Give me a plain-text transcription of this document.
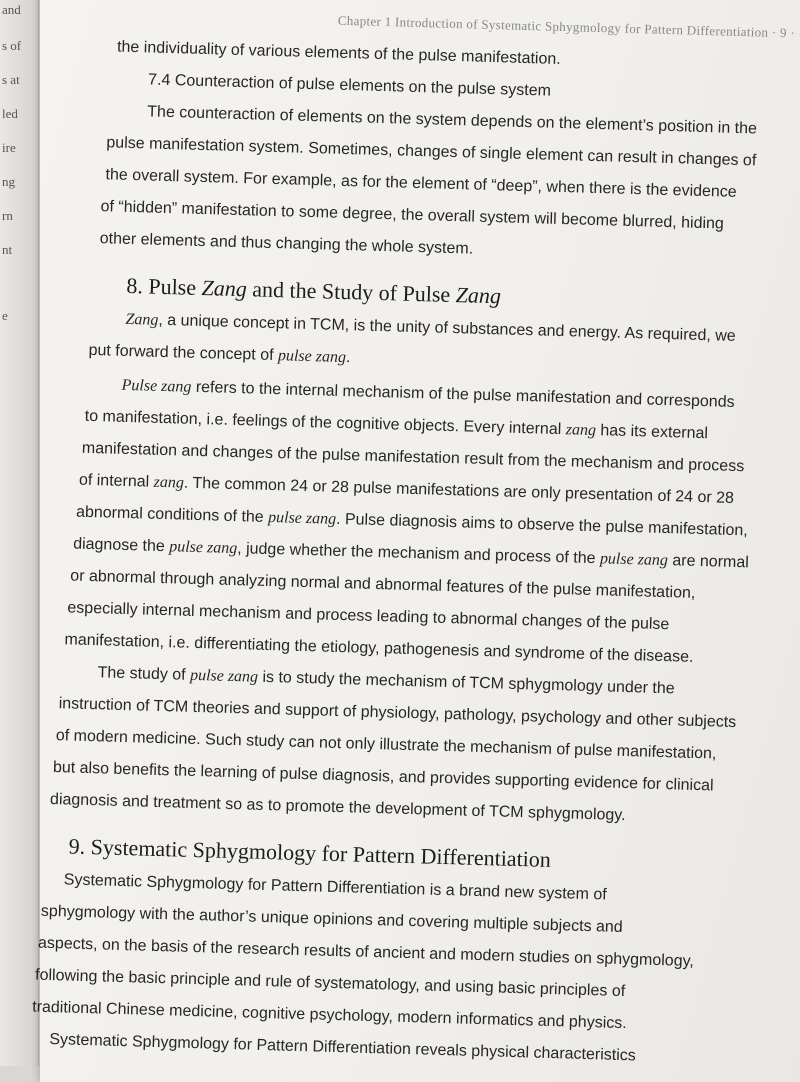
and
s of
s at
led
ire
ng
rn
nt
e
Chapter 1 Introduction of Systematic Sphygmology for Pattern Differentiation · 9 ·
the individuality of various elements of the pulse manifestation.
7.4 Counteraction of pulse elements on the pulse system
The counteraction of elements on the system depends on the element’s position in the
pulse manifestation system. Sometimes, changes of single element can result in changes of
the overall system. For example, as for the element of “deep”, when there is the evidence
of “hidden” manifestation to some degree, the overall system will become blurred, hiding
other elements and thus changing the whole system.
8. Pulse Zang and the Study of Pulse Zang
Zang, a unique concept in TCM, is the unity of substances and energy. As required, we
put forward the concept of pulse zang.
Pulse zang refers to the internal mechanism of the pulse manifestation and corresponds
to manifestation, i.e. feelings of the cognitive objects. Every internal zang has its external
manifestation and changes of the pulse manifestation result from the mechanism and process
of internal zang. The common 24 or 28 pulse manifestations are only presentation of 24 or 28
abnormal conditions of the pulse zang. Pulse diagnosis aims to observe the pulse manifestation,
diagnose the pulse zang, judge whether the mechanism and process of the pulse zang are normal
or abnormal through analyzing normal and abnormal features of the pulse manifestation,
especially internal mechanism and process leading to abnormal changes of the pulse
manifestation, i.e. differentiating the etiology, pathogenesis and syndrome of the disease.
The study of pulse zang is to study the mechanism of TCM sphygmology under the
instruction of TCM theories and support of physiology, pathology, psychology and other subjects
of modern medicine. Such study can not only illustrate the mechanism of pulse manifestation,
but also benefits the learning of pulse diagnosis, and provides supporting evidence for clinical
diagnosis and treatment so as to promote the development of TCM sphygmology.
9. Systematic Sphygmology for Pattern Differentiation
Systematic Sphygmology for Pattern Differentiation is a brand new system of
sphygmology with the author’s unique opinions and covering multiple subjects and
aspects, on the basis of the research results of ancient and modern studies on sphygmology,
following the basic principle and rule of systematology, and using basic principles of
traditional Chinese medicine, cognitive psychology, modern informatics and physics.
Systematic Sphygmology for Pattern Differentiation reveals physical characteristics
